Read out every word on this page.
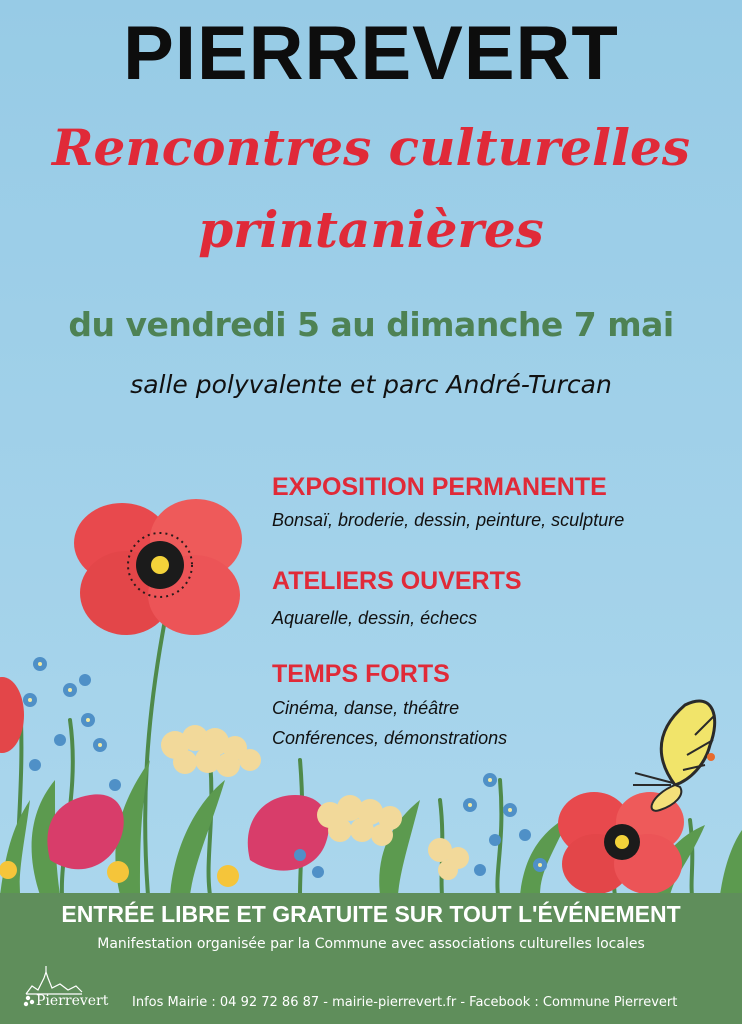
PIERREVERT
Rencontres culturelles
printanières
du vendredi 5 au dimanche 7 mai
salle polyvalente et parc André-Turcan
EXPOSITION PERMANENTE
Bonsaï, broderie, dessin, peinture, sculpture
ATELIERS OUVERTS
Aquarelle, dessin, échecs
TEMPS FORTS
Cinéma, danse, théâtre
Conférences, démonstrations
ENTRÉE LIBRE ET GRATUITE SUR TOUT L'ÉVÉNEMENT
Manifestation organisée par la Commune avec associations culturelles locales
Pierrevert Infos Mairie : 04 92 72 86 87 - mairie-pierrevert.fr - Facebook : Commune Pierrevert
